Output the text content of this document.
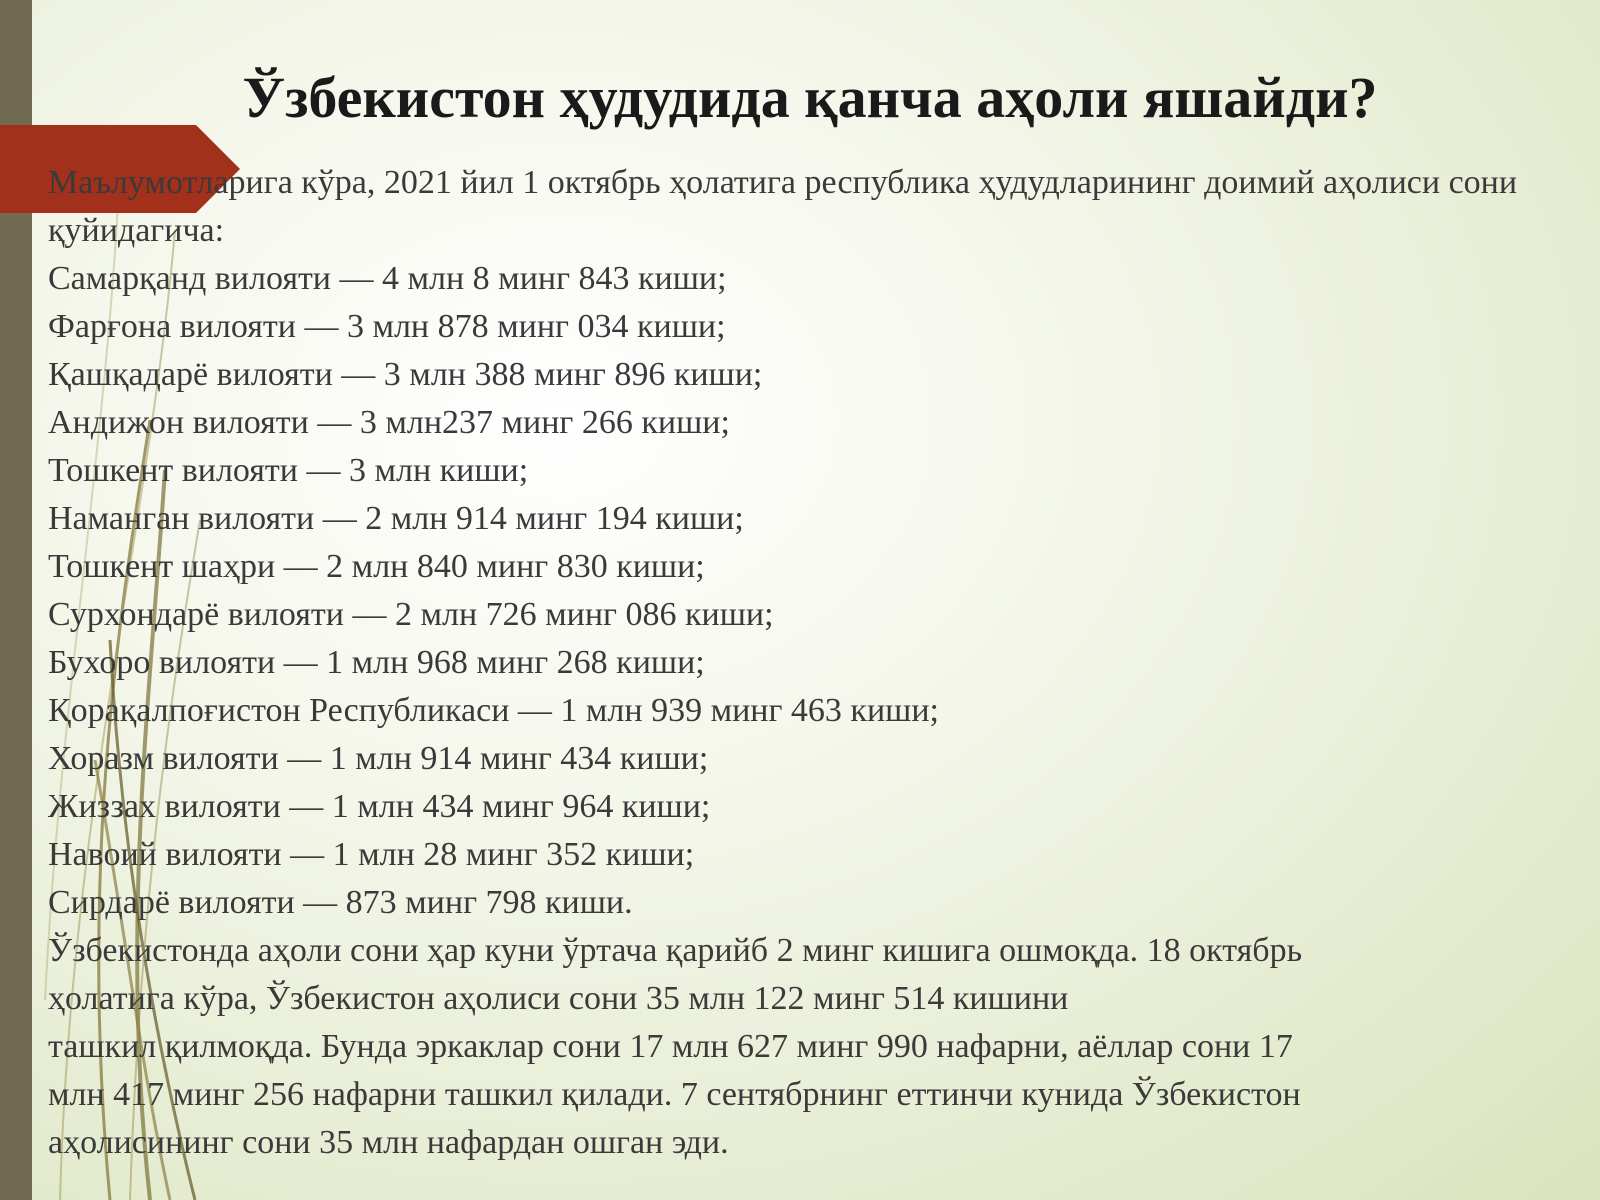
Ўзбекистон ҳудудида қанча аҳоли яшайди?
Маълумотларига кўра, 2021 йил 1 октябрь ҳолатига республика ҳудудларининг доимий аҳолиси сони қуйидагича:
Самарқанд вилояти — 4 млн 8 минг 843 киши;
Фарғона вилояти — 3 млн 878 минг 034 киши;
Қашқадарё вилояти — 3 млн 388 минг 896 киши;
Андижон вилояти — 3 млн237 минг 266 киши;
Тошкент вилояти — 3 млн киши;
Наманган вилояти — 2 млн 914 минг 194 киши;
Тошкент шаҳри — 2 млн 840 минг 830 киши;
Сурхондарё вилояти — 2 млн 726 минг 086 киши;
Бухоро вилояти — 1 млн 968 минг 268 киши;
Қорақалпоғистон Республикаси — 1 млн 939 минг 463 киши;
Хоразм вилояти — 1 млн 914 минг 434 киши;
Жиззах вилояти — 1 млн 434 минг 964 киши;
Навоий вилояти — 1 млн 28 минг 352 киши;
Сирдарё вилояти — 873 минг 798 киши.
Ўзбекистонда аҳоли сони ҳар куни ўртача қарийб 2 минг кишига ошмоқда. 18 октябрь
ҳолатига кўра, Ўзбекистон аҳолиси сони 35 млн 122 минг 514 кишини
ташкил қилмоқда. Бунда эркаклар сони 17 млн 627 минг 990 нафарни, аёллар сони 17
млн 417 минг 256 нафарни ташкил қилади. 7 сентябрнинг еттинчи кунида Ўзбекистон
аҳолисининг сони 35 млн нафардан ошган эди.
